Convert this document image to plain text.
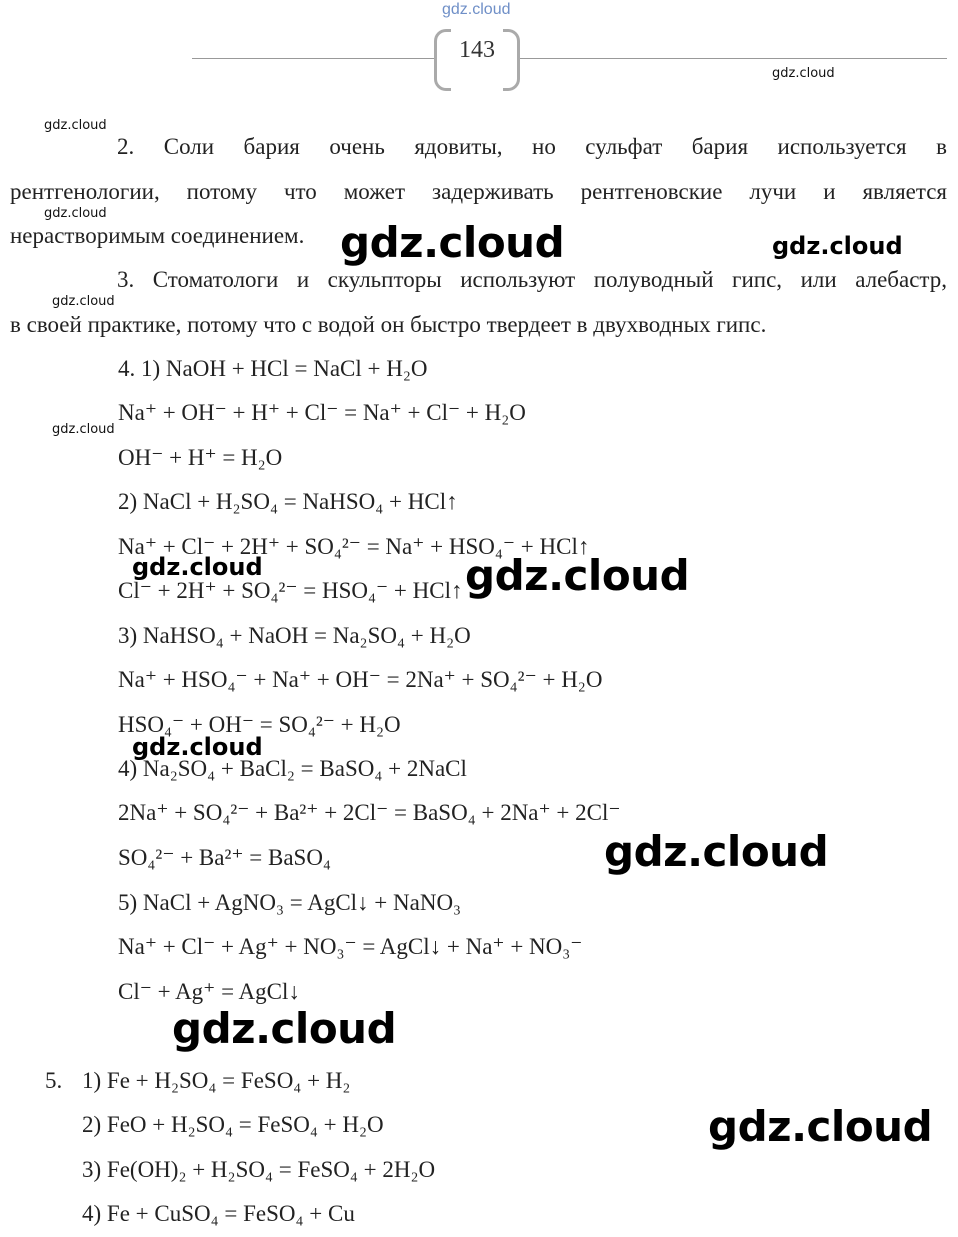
gdz.cloud
143
gdz.cloud
gdz.cloud
gdz.cloud
gdz.cloud
gdz.cloud
2. Соли бария очень ядовиты, но сульфат бария используется в
рентгенологии, потому что может задерживать рентгеновские лучи и является
нерастворимым соединением.
3. Стоматологи и скульпторы используют полуводный гипс, или алебастр,
в своей практике, потому что с водой он быстро твердеет в двухводных гипс.
4. 1) NaOH + HCl = NaCl + H₂O
Na⁺ + OH⁻ + H⁺ + Cl⁻ = Na⁺ + Cl⁻ + H₂O
OH⁻ + H⁺ = H₂O
2) NaCl + H₂SO₄ = NaHSO₄ + HCl↑
Na⁺ + Cl⁻ + 2H⁺ + SO₄²⁻ = Na⁺ + HSO₄⁻ + HCl↑
Cl⁻ + 2H⁺ + SO₄²⁻ = HSO₄⁻ + HCl↑
3) NaHSO₄ + NaOH = Na₂SO₄ + H₂O
Na⁺ + HSO₄⁻ + Na⁺ + OH⁻ = 2Na⁺ + SO₄²⁻ + H₂O
HSO₄⁻ + OH⁻ = SO₄²⁻ + H₂O
4) Na₂SO₄ + BaCl₂ = BaSO₄ + 2NaCl
2Na⁺ + SO₄²⁻ + Ba²⁺ + 2Cl⁻ = BaSO₄ + 2Na⁺ + 2Cl⁻
SO₄²⁻ + Ba²⁺ = BaSO₄
5) NaCl + AgNO₃ = AgCl↓ + NaNO₃
Na⁺ + Cl⁻ + Ag⁺ + NO₃⁻ = AgCl↓ + Na⁺ + NO₃⁻
Cl⁻ + Ag⁺ = AgCl↓
5. 1) Fe + H₂SO₄ = FeSO₄ + H₂
2) FeO + H₂SO₄ = FeSO₄ + H₂O
3) Fe(OH)₂ + H₂SO₄ = FeSO₄ + 2H₂O
4) Fe + CuSO₄ = FeSO₄ + Cu
gdz.cloud
gdz.cloud
gdz.cloud
gdz.cloud
gdz.cloud
gdz.cloud
gdz.cloud
gdz.cloud
